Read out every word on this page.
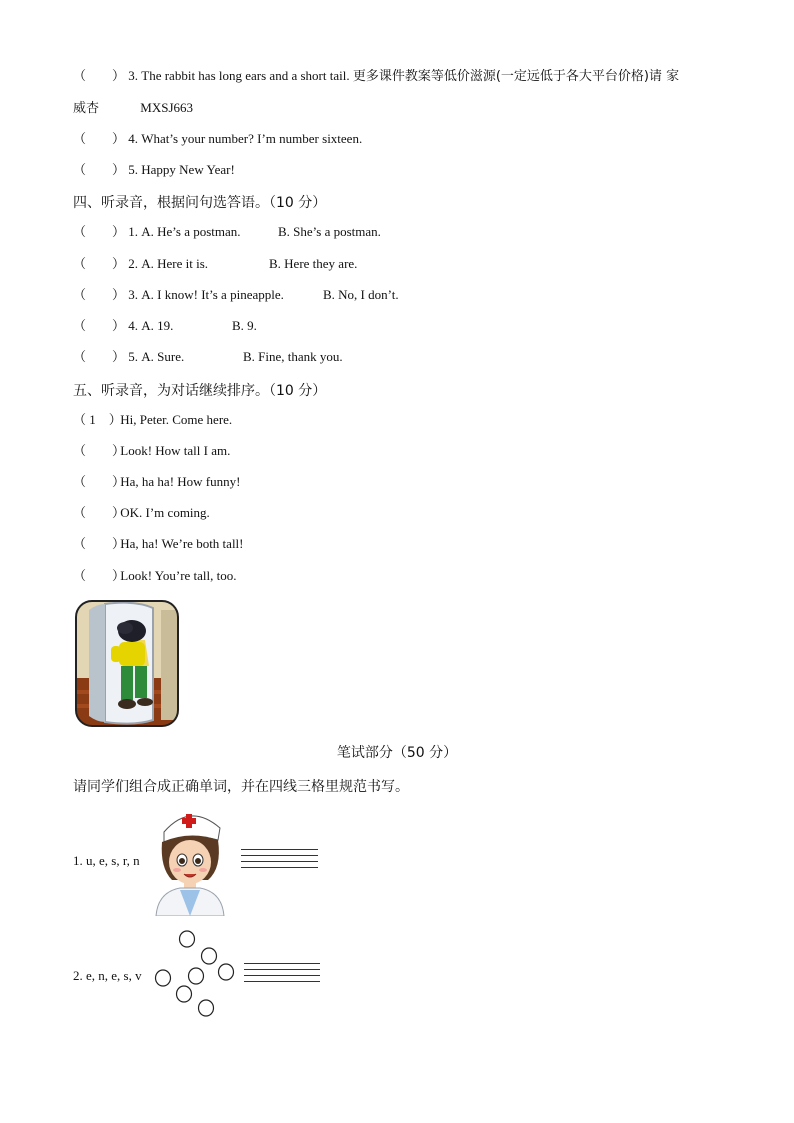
（　　） 3. The rabbit has long ears and a short tail. 更多课件教案等低价滋源(一定远低于各大平台价格)请 家
威杏	MXSJ663
（　　） 4. What’s your number? I’m number sixteen.
（　　） 5. Happy New Year!
四、听录音，根据问句选答语。（10 分）
（　　） 1. A. He’s a postman.	B. She’s a postman.
（　　） 2. A. Here it is.	B. Here they are.
（　　） 3. A. I know! It’s a pineapple.	B. No, I don’t.
（　　） 4. A. 19.	B. 9.
（　　） 5. A. Sure.	B. Fine, thank you.
五、听录音，为对话继续排序。（10 分）
（ 1　） Hi, Peter. Come here.
（　　） Look! How tall I am.
（　　） Ha, ha ha! How funny!
（　　） OK. I’m coming.
（　　） Ha, ha! We’re both tall!
（　　） Look! You’re tall, too.
笔试部分（50 分）
请同学们组合成正确单词，并在四线三格里规范书写。
1. u, e, s, r, n
2. e, n, e, s, v
